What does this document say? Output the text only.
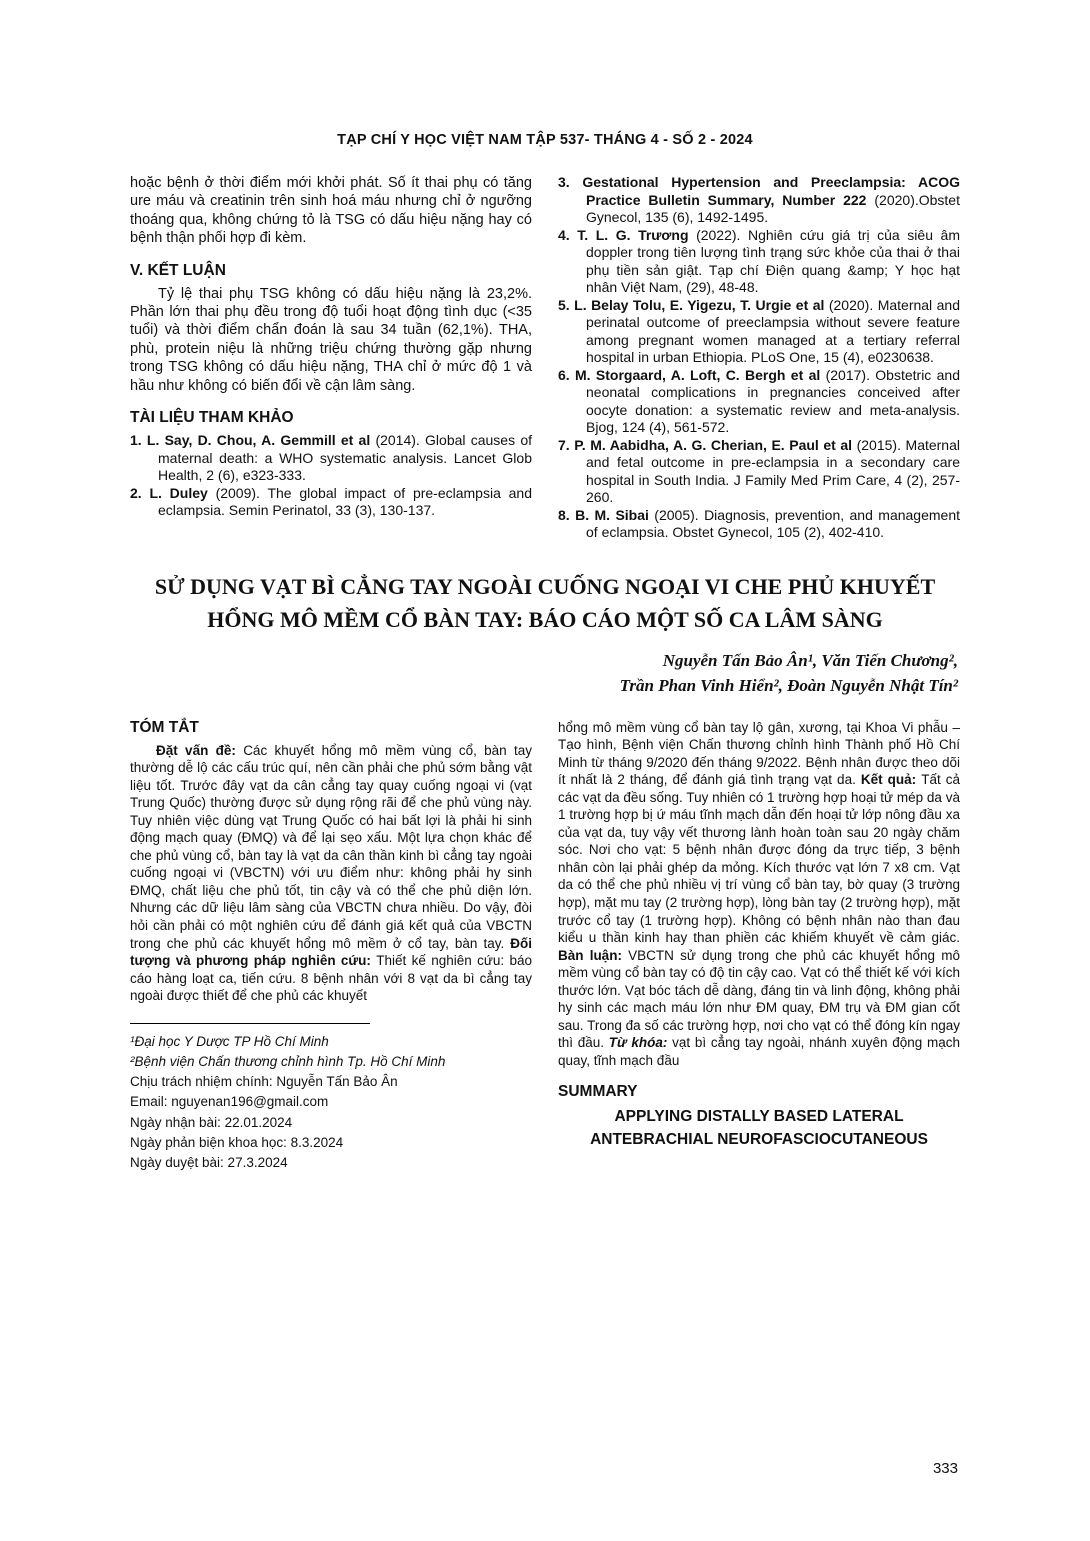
TẠP CHÍ Y HỌC VIỆT NAM TẬP 537- THÁNG 4 - SỐ 2 - 2024

hoặc bệnh ở thời điểm mới khởi phát. Số ít thai phụ có tăng ure máu và creatinin trên sinh hoá máu nhưng chỉ ở ngưỡng thoáng qua, không chứng tỏ là TSG có dấu hiệu nặng hay có bệnh thận phối hợp đi kèm.

V. KẾT LUẬN

Tỷ lệ thai phụ TSG không có dấu hiệu nặng là 23,2%. Phần lớn thai phụ đều trong độ tuổi hoạt động tình dục (<35 tuổi) và thời điểm chẩn đoán là sau 34 tuần (62,1%). THA, phù, protein niệu là những triệu chứng thường gặp nhưng trong TSG không có dấu hiệu nặng, THA chỉ ở mức độ 1 và hầu như không có biến đổi về cận lâm sàng.

TÀI LIỆU THAM KHẢO

1. L. Say, D. Chou, A. Gemmill et al (2014). Global causes of maternal death: a WHO systematic analysis. Lancet Glob Health, 2 (6), e323-333.

2. L. Duley (2009). The global impact of pre-eclampsia and eclampsia. Semin Perinatol, 33 (3), 130-137.

3. Gestational Hypertension and Preeclampsia: ACOG Practice Bulletin Summary, Number 222 (2020).Obstet Gynecol, 135 (6), 1492-1495.

4. T. L. G. Trương (2022). Nghiên cứu giá trị của siêu âm doppler trong tiên lượng tình trạng sức khỏe của thai ở thai phụ tiền sản giật. Tạp chí Điện quang &amp; Y học hạt nhân Việt Nam, (29), 48-48.

5. L. Belay Tolu, E. Yigezu, T. Urgie et al (2020). Maternal and perinatal outcome of preeclampsia without severe feature among pregnant women managed at a tertiary referral hospital in urban Ethiopia. PLoS One, 15 (4), e0230638.

6. M. Storgaard, A. Loft, C. Bergh et al (2017). Obstetric and neonatal complications in pregnancies conceived after oocyte donation: a systematic review and meta-analysis. Bjog, 124 (4), 561-572.

7. P. M. Aabidha, A. G. Cherian, E. Paul et al (2015). Maternal and fetal outcome in pre-eclampsia in a secondary care hospital in South India. J Family Med Prim Care, 4 (2), 257-260.

8. B. M. Sibai (2005). Diagnosis, prevention, and management of eclampsia. Obstet Gynecol, 105 (2), 402-410.

SỬ DỤNG VẠT BÌ CẲNG TAY NGOÀI CUỐNG NGOẠI VI CHE PHỦ KHUYẾT
HỔNG MÔ MỀM CỔ BÀN TAY: BÁO CÁO MỘT SỐ CA LÂM SÀNG
Nguyễn Tấn Bảo Ân¹, Văn Tiến Chương²,
Trần Phan Vinh Hiển², Đoàn Nguyễn Nhật Tín²
TÓM TẮT

Đặt vấn đề: Các khuyết hổng mô mềm vùng cổ, bàn tay thường dễ lộ các cấu trúc quí, nên cần phải che phủ sớm bằng vật liệu tốt. Trước đây vạt da cân cẳng tay quay cuống ngoại vi (vạt Trung Quốc) thường được sử dụng rộng rãi để che phủ vùng này. Tuy nhiên việc dùng vạt Trung Quốc có hai bất lợi là phải hi sinh động mạch quay (ĐMQ) và để lại sẹo xấu. Một lựa chọn khác để che phủ vùng cổ, bàn tay là vạt da cân thần kinh bì cẳng tay ngoài cuống ngoại vi (VBCTN) với ưu điểm như: không phải hy sinh ĐMQ, chất liệu che phủ tốt, tin cậy và có thể che phủ diện lớn. Nhưng các dữ liệu lâm sàng của VBCTN chưa nhiều. Do vậy, đòi hỏi cần phải có một nghiên cứu để đánh giá kết quả của VBCTN trong che phủ các khuyết hổng mô mềm ở cổ tay, bàn tay. Đối tượng và phương pháp nghiên cứu: Thiết kế nghiên cứu: báo cáo hàng loạt ca, tiến cứu. 8 bệnh nhân với 8 vạt da bì cẳng tay ngoài được thiết để che phủ các khuyết

¹Đại học Y Dược TP Hồ Chí Minh

²Bệnh viện Chấn thương chỉnh hình Tp. Hồ Chí Minh

Chịu trách nhiệm chính: Nguyễn Tấn Bảo Ân

Email: nguyenan196@gmail.com

Ngày nhận bài: 22.01.2024

Ngày phản biện khoa học: 8.3.2024

Ngày duyệt bài: 27.3.2024

hổng mô mềm vùng cổ bàn tay lộ gân, xương, tại Khoa Vi phẫu – Tạo hình, Bệnh viện Chấn thương chỉnh hình Thành phố Hồ Chí Minh từ tháng 9/2020 đến tháng 9/2022. Bệnh nhân được theo dõi ít nhất là 2 tháng, để đánh giá tình trạng vạt da. Kết quả: Tất cả các vạt da đều sống. Tuy nhiên có 1 trường hợp hoại tử mép da và 1 trường hợp bị ứ máu tĩnh mạch dẫn đến hoại tử lớp nông đầu xa của vạt da, tuy vậy vết thương lành hoàn toàn sau 20 ngày chăm sóc. Nơi cho vạt: 5 bệnh nhân được đóng da trực tiếp, 3 bệnh nhân còn lại phải ghép da mỏng. Kích thước vạt lớn 7 x8 cm. Vạt da có thể che phủ nhiều vị trí vùng cổ bàn tay, bờ quay (3 trường hợp), mặt mu tay (2 trường hợp), lòng bàn tay (2 trường hợp), mặt trước cổ tay (1 trường hợp). Không có bệnh nhân nào than đau kiểu u thần kinh hay than phiền các khiếm khuyết về cảm giác. Bàn luận: VBCTN sử dụng trong che phủ các khuyết hổng mô mềm vùng cổ bàn tay có độ tin cậy cao. Vạt có thể thiết kế với kích thước lớn. Vạt bóc tách dễ dàng, đáng tin và linh động, không phải hy sinh các mạch máu lớn như ĐM quay, ĐM trụ và ĐM gian cốt sau. Trong đa số các trường hợp, nơi cho vạt có thể đóng kín ngay thì đầu. Từ khóa: vạt bì cẳng tay ngoài, nhánh xuyên động mạch quay, tĩnh mạch đầu

SUMMARY
APPLYING DISTALLY BASED LATERAL
ANTEBRACHIAL NEUROFASCIOCUTANEOUS
333
